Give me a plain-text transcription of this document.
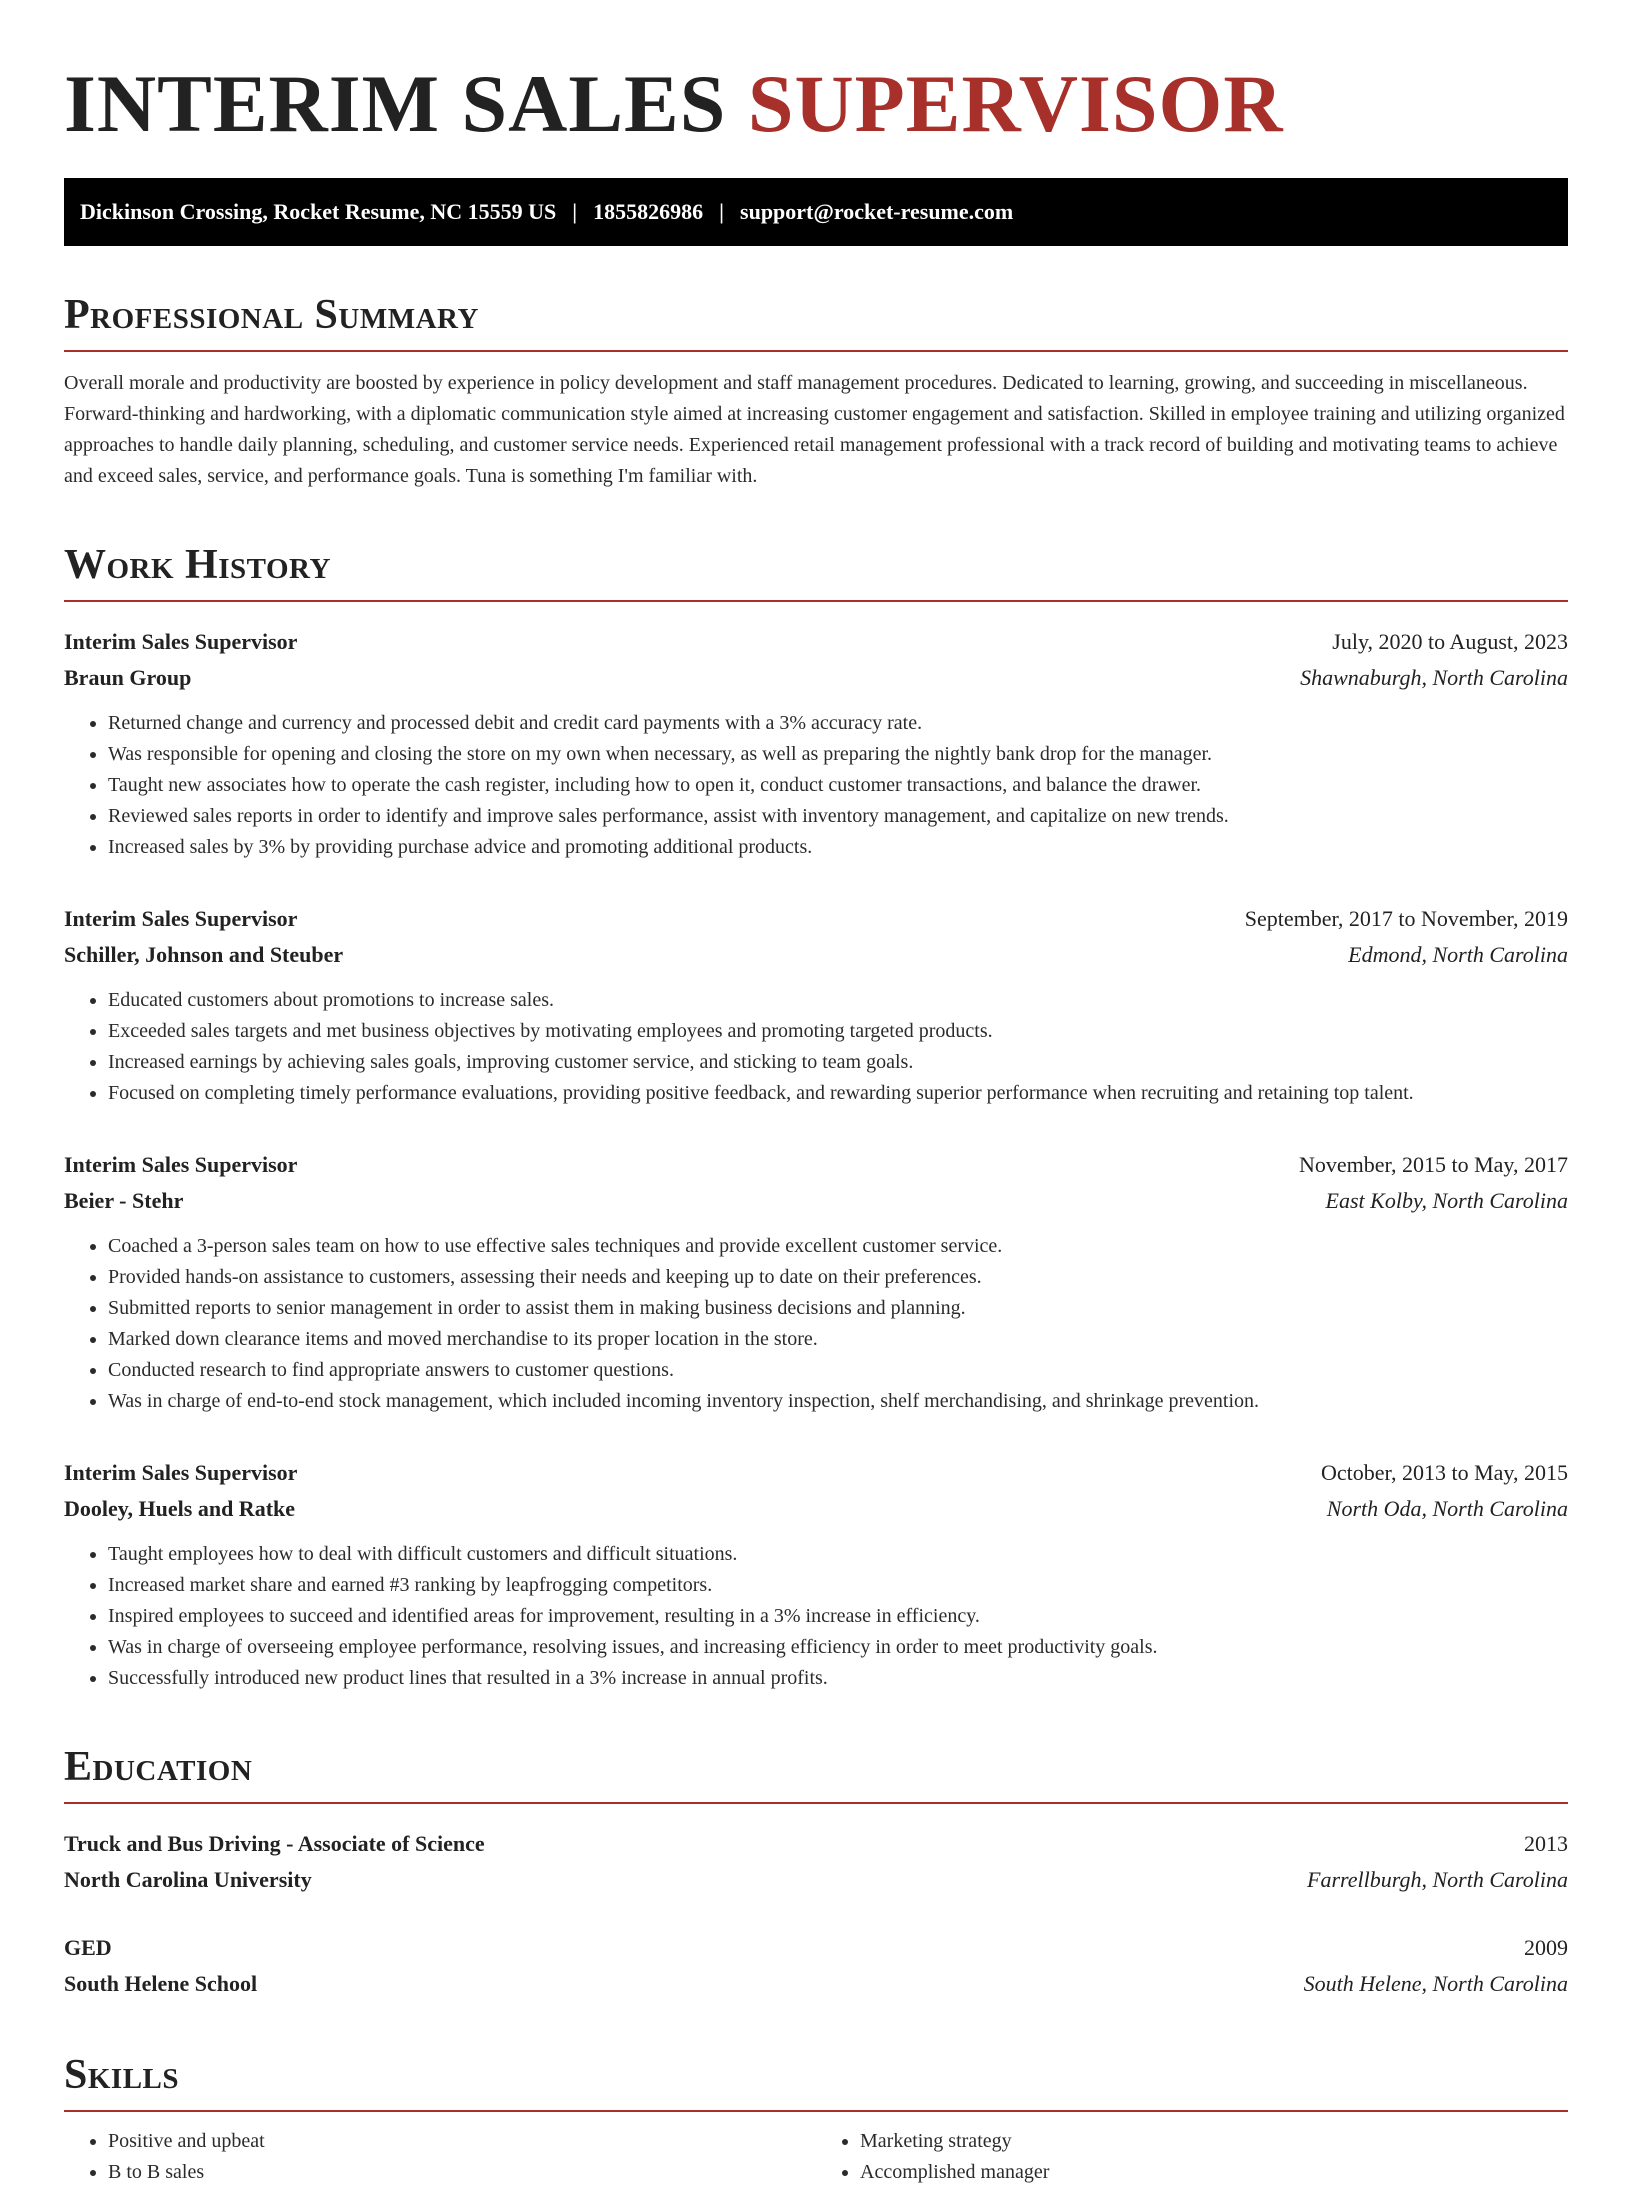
INTERIM SALES SUPERVISOR
Dickinson Crossing, Rocket Resume, NC 15559 US | 1855826986 | support@rocket-resume.com
Professional Summary

Overall morale and productivity are boosted by experience in policy development and staff management procedures. Dedicated to learning, growing, and succeeding in miscellaneous. Forward-thinking and hardworking, with a diplomatic communication style aimed at increasing customer engagement and satisfaction. Skilled in employee training and utilizing organized approaches to handle daily planning, scheduling, and customer service needs. Experienced retail management professional with a track record of building and motivating teams to achieve and exceed sales, service, and performance goals. Tuna is something I'm familiar with.

Work History
Interim Sales Supervisor	July, 2020 to August, 2023
Braun Group	Shawnaburgh, North Carolina
• Returned change and currency and processed debit and credit card payments with a 3% accuracy rate.
• Was responsible for opening and closing the store on my own when necessary, as well as preparing the nightly bank drop for the manager.
• Taught new associates how to operate the cash register, including how to open it, conduct customer transactions, and balance the drawer.
• Reviewed sales reports in order to identify and improve sales performance, assist with inventory management, and capitalize on new trends.
• Increased sales by 3% by providing purchase advice and promoting additional products.
Interim Sales Supervisor	September, 2017 to November, 2019
Schiller, Johnson and Steuber	Edmond, North Carolina
• Educated customers about promotions to increase sales.
• Exceeded sales targets and met business objectives by motivating employees and promoting targeted products.
• Increased earnings by achieving sales goals, improving customer service, and sticking to team goals.
• Focused on completing timely performance evaluations, providing positive feedback, and rewarding superior performance when recruiting and retaining top talent.
Interim Sales Supervisor	November, 2015 to May, 2017
Beier - Stehr	East Kolby, North Carolina
• Coached a 3-person sales team on how to use effective sales techniques and provide excellent customer service.
• Provided hands-on assistance to customers, assessing their needs and keeping up to date on their preferences.
• Submitted reports to senior management in order to assist them in making business decisions and planning.
• Marked down clearance items and moved merchandise to its proper location in the store.
• Conducted research to find appropriate answers to customer questions.
• Was in charge of end-to-end stock management, which included incoming inventory inspection, shelf merchandising, and shrinkage prevention.
Interim Sales Supervisor	October, 2013 to May, 2015
Dooley, Huels and Ratke	North Oda, North Carolina
• Taught employees how to deal with difficult customers and difficult situations.
• Increased market share and earned #3 ranking by leapfrogging competitors.
• Inspired employees to succeed and identified areas for improvement, resulting in a 3% increase in efficiency.
• Was in charge of overseeing employee performance, resolving issues, and increasing efficiency in order to meet productivity goals.
• Successfully introduced new product lines that resulted in a 3% increase in annual profits.
Education
Truck and Bus Driving - Associate of Science	2013
North Carolina University	Farrellburgh, North Carolina
GED	2009
South Helene School	South Helene, North Carolina
Skills
• Positive and upbeat
• B to B sales
• Marketing strategy
• Accomplished manager
